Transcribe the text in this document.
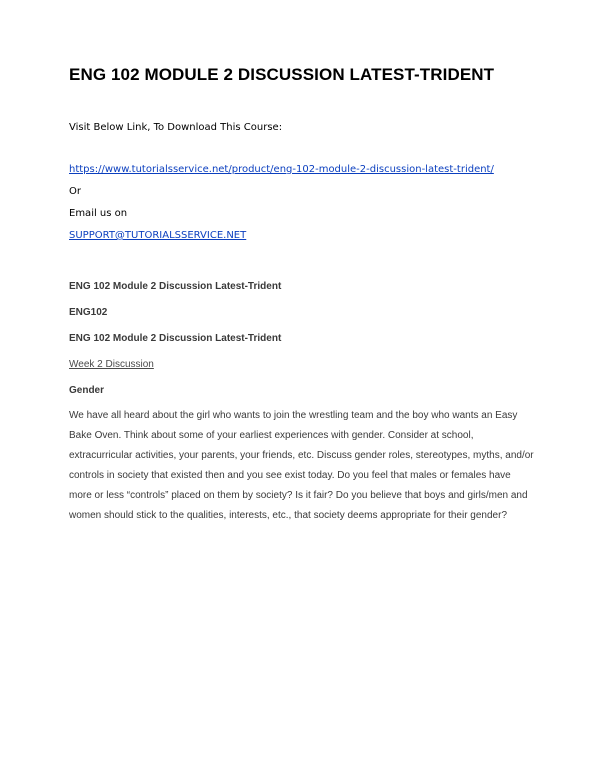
ENG 102 MODULE 2 DISCUSSION LATEST-TRIDENT
Visit Below Link, To Download This Course:
https://www.tutorialsservice.net/product/eng-102-module-2-discussion-latest-trident/
Or
Email us on
SUPPORT@TUTORIALSSERVICE.NET
ENG 102 Module 2 Discussion Latest-Trident
ENG102
ENG 102 Module 2 Discussion Latest-Trident
Week 2 Discussion
Gender
We have all heard about the girl who wants to join the wrestling team and the boy who wants an Easy
Bake Oven. Think about some of your earliest experiences with gender. Consider at school,
extracurricular activities, your parents, your friends, etc. Discuss gender roles, stereotypes, myths, and/or
controls in society that existed then and you see exist today. Do you feel that males or females have
more or less “controls” placed on them by society? Is it fair? Do you believe that boys and girls/men and
women should stick to the qualities, interests, etc., that society deems appropriate for their gender?
